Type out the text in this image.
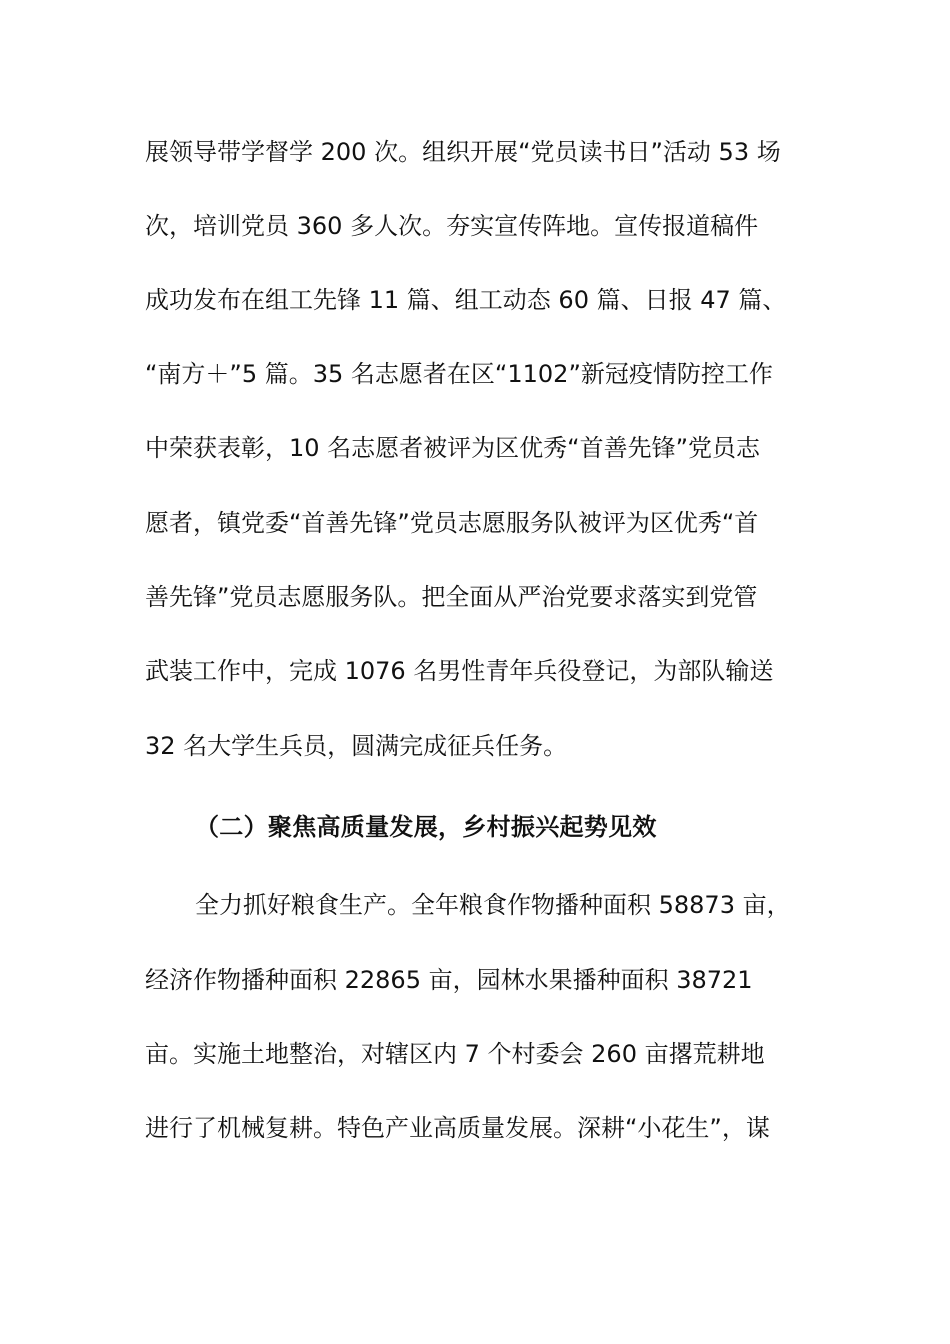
展领导带学督学 200 次。组织开展“党员读书日”活动 53 场
次，培训党员 360 多人次。夯实宣传阵地。宣传报道稿件
成功发布在组工先锋 11 篇、组工动态 60 篇、日报 47 篇、
“南方＋”5 篇。35 名志愿者在区“1102”新冠疫情防控工作
中荣获表彰，10 名志愿者被评为区优秀“首善先锋”党员志
愿者，镇党委“首善先锋”党员志愿服务队被评为区优秀“首
善先锋”党员志愿服务队。把全面从严治党要求落实到党管
武装工作中，完成 1076 名男性青年兵役登记，为部队输送
32 名大学生兵员，圆满完成征兵任务。
（二）聚焦高质量发展，乡村振兴起势见效
全力抓好粮食生产。全年粮食作物播种面积 58873 亩，
经济作物播种面积 22865 亩，园林水果播种面积 38721
亩。实施土地整治，对辖区内 7 个村委会 260 亩撂荒耕地
进行了机械复耕。特色产业高质量发展。深耕“小花生”，谋
